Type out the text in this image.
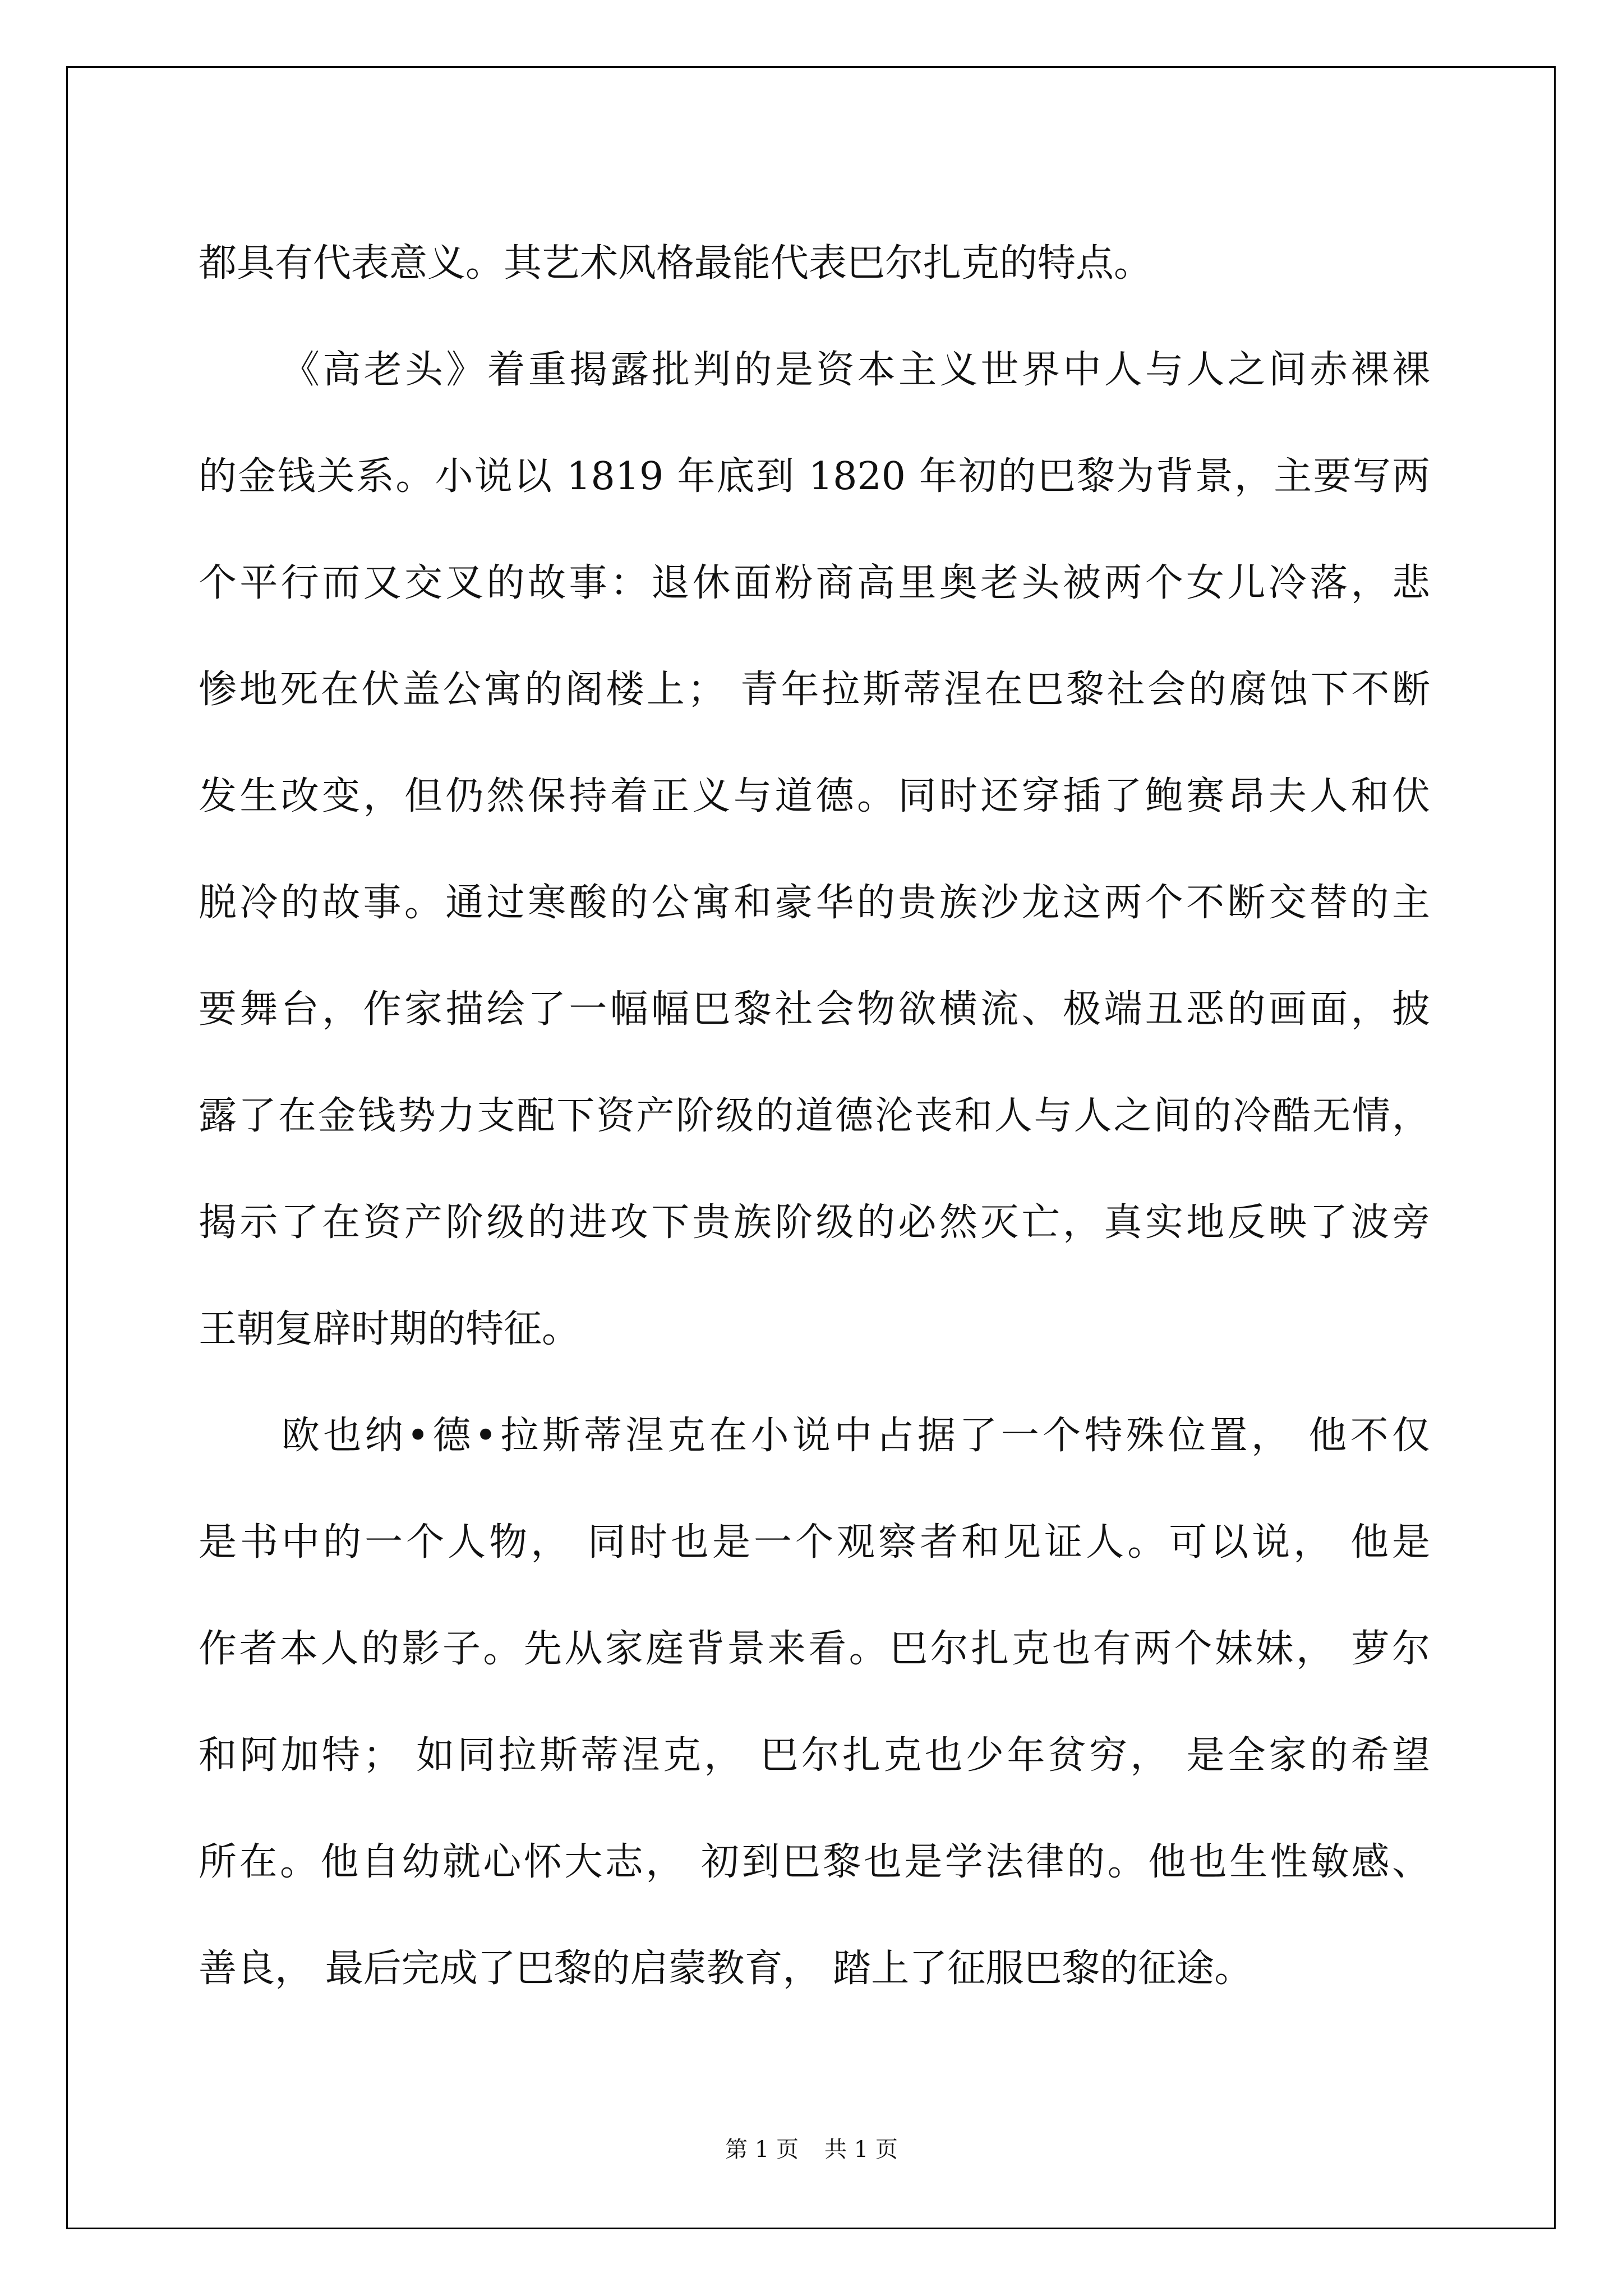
都具有代表意义。其艺术风格最能代表巴尔扎克的特点。
《高老头》着重揭露批判的是资本主义世界中人与人之间赤裸裸
的金钱关系。小说以 1819 年底到 1820 年初的巴黎为背景，主要写两
个平行而又交叉的故事：退休面粉商高里奥老头被两个女儿冷落，悲
惨地死在伏盖公寓的阁楼上； 青年拉斯蒂涅在巴黎社会的腐蚀下不断
发生改变，但仍然保持着正义与道德。同时还穿插了鲍赛昂夫人和伏
脱冷的故事。通过寒酸的公寓和豪华的贵族沙龙这两个不断交替的主
要舞台，作家描绘了一幅幅巴黎社会物欲横流、极端丑恶的画面，披
露了在金钱势力支配下资产阶级的道德沦丧和人与人之间的冷酷无情，
揭示了在资产阶级的进攻下贵族阶级的必然灭亡，真实地反映了波旁
王朝复辟时期的特征。
欧也纳•德•拉斯蒂涅克在小说中占据了一个特殊位置， 他不仅
是书中的一个人物， 同时也是一个观察者和见证人。可以说， 他是
作者本人的影子。先从家庭背景来看。巴尔扎克也有两个妹妹， 萝尔
和阿加特； 如同拉斯蒂涅克， 巴尔扎克也少年贫穷， 是全家的希望
所在。他自幼就心怀大志， 初到巴黎也是学法律的。他也生性敏感、
善良， 最后完成了巴黎的启蒙教育， 踏上了征服巴黎的征途。
第 1 页 共 1 页
